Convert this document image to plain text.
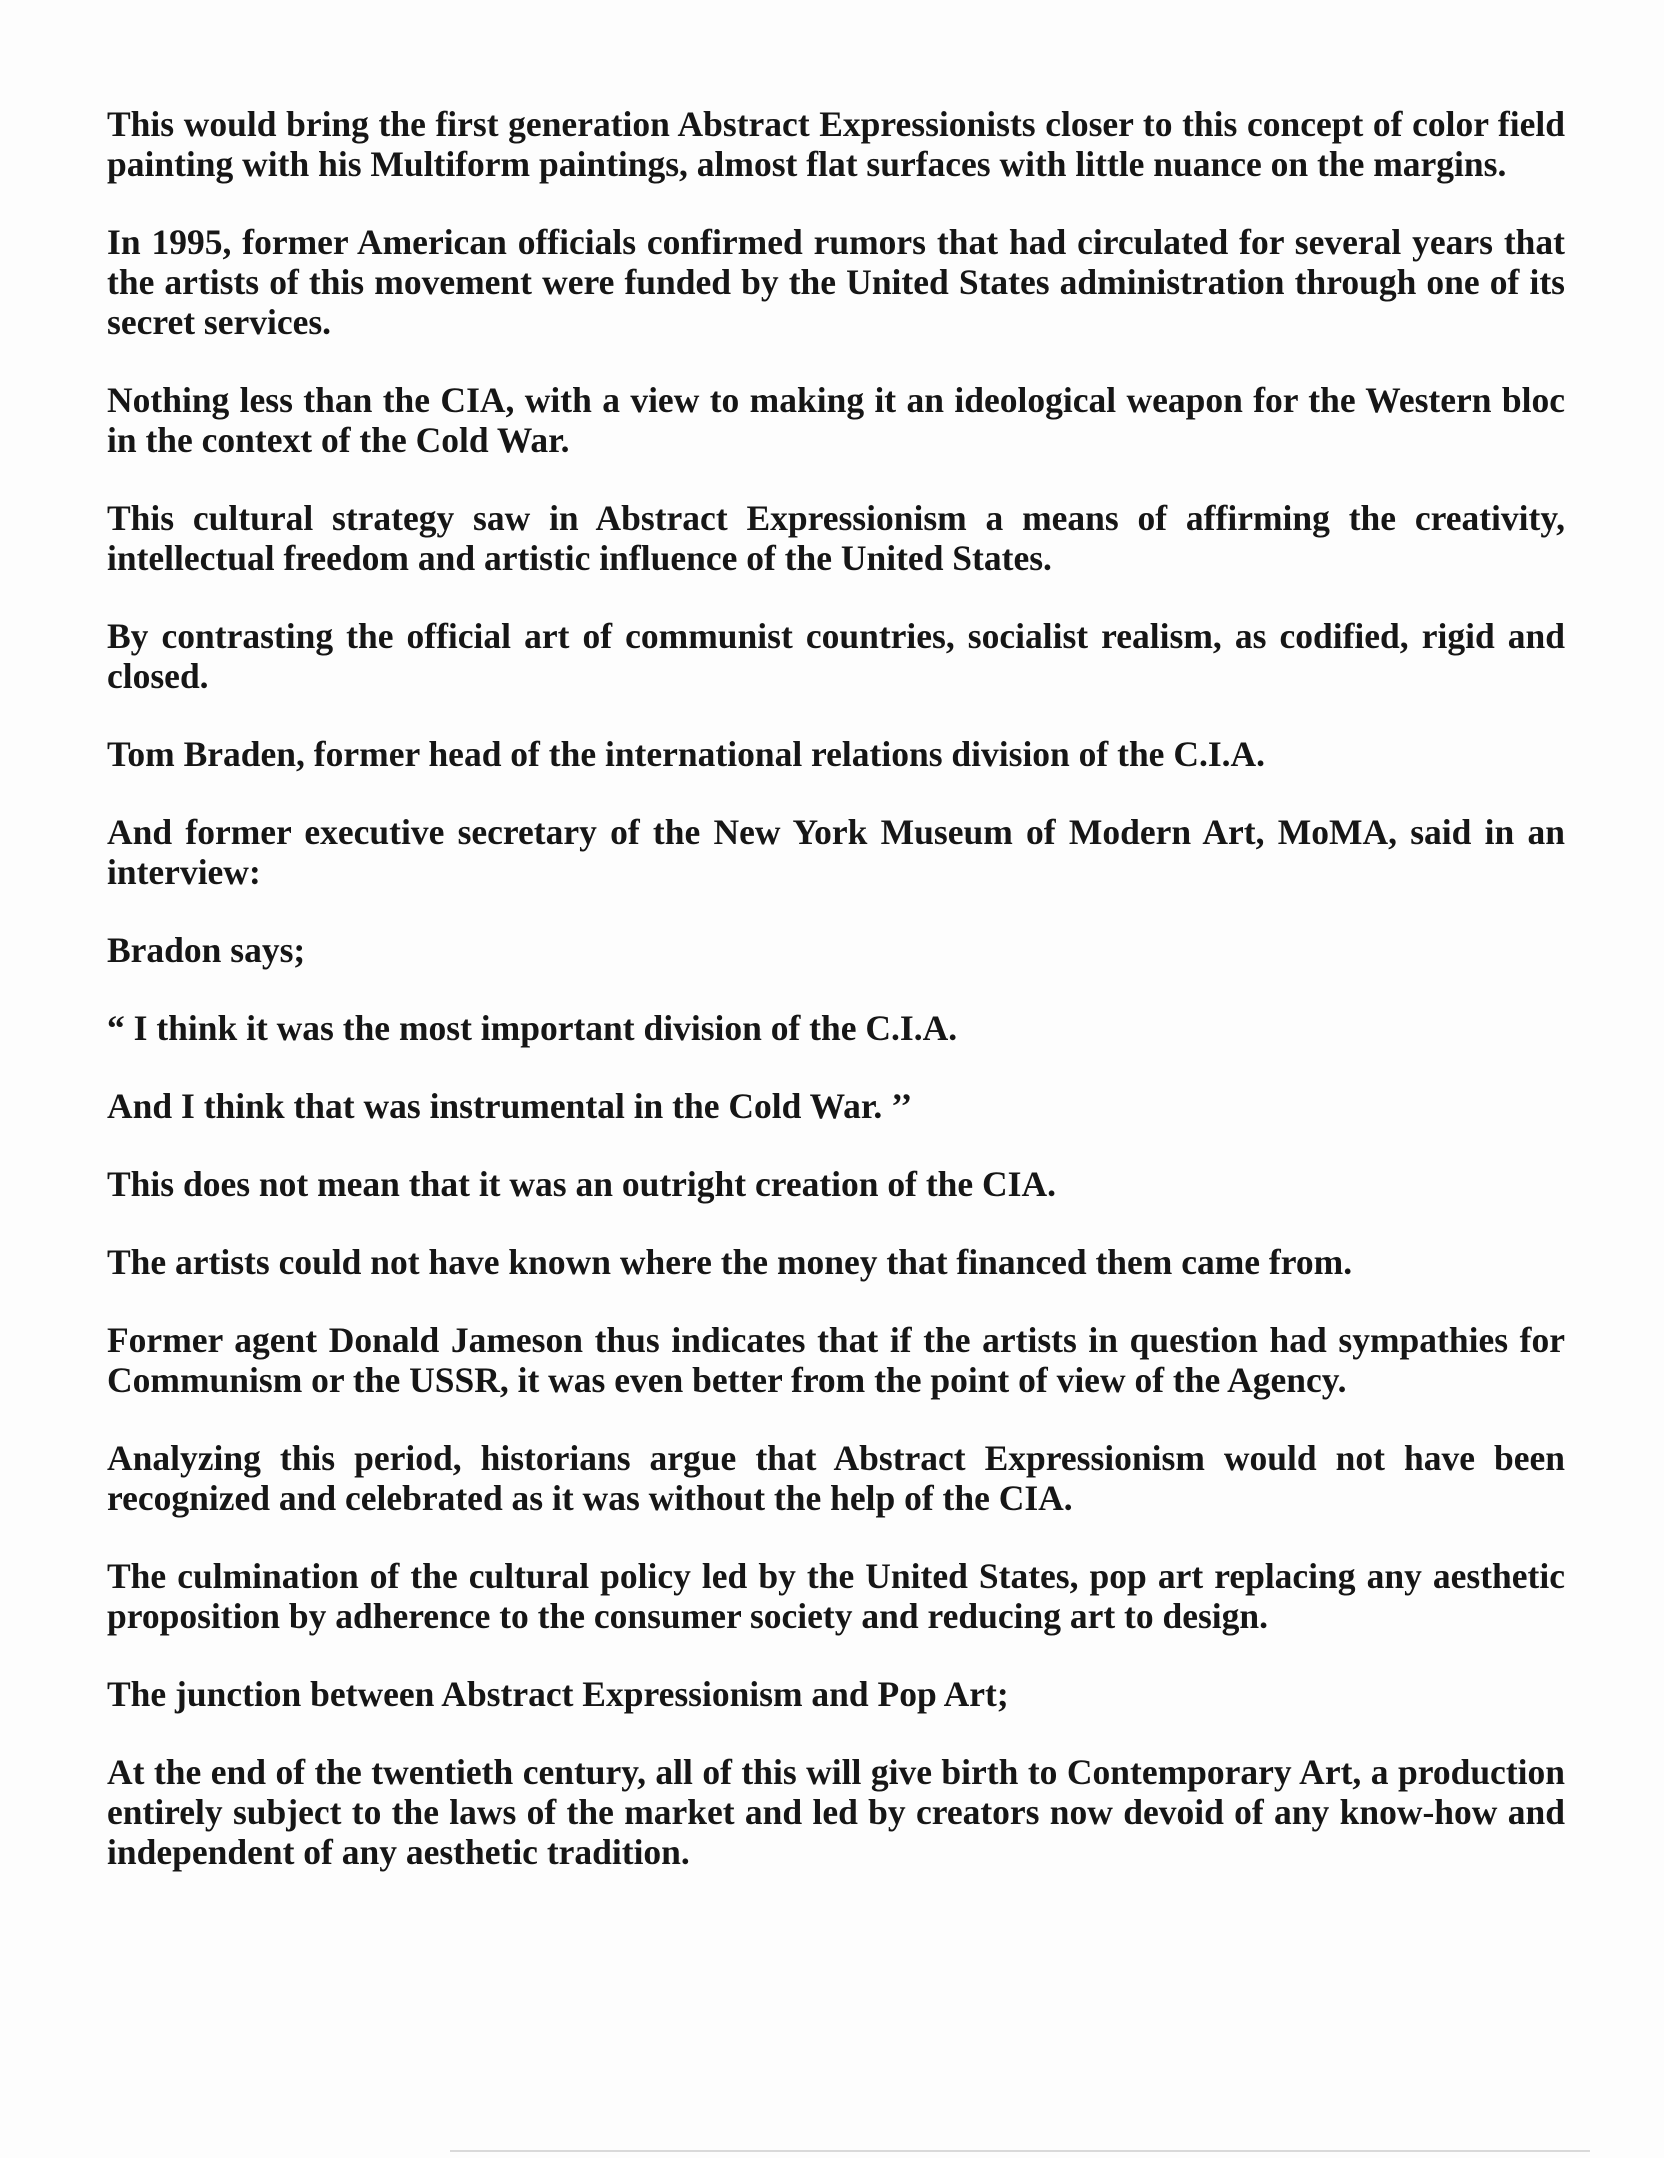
This would bring the first generation Abstract Expressionists closer to this concept of color field painting with his Multiform paintings, almost flat surfaces with little nuance on the margins.

In 1995, former American officials confirmed rumors that had circulated for several years that the artists of this movement were funded by the United States administration through one of its secret services.

Nothing less than the CIA, with a view to making it an ideological weapon for the Western bloc in the context of the Cold War.

This cultural strategy saw in Abstract Expressionism a means of affirming the creativity, intellectual freedom and artistic influence of the United States.

By contrasting the official art of communist countries, socialist realism, as codified, rigid and closed.

Tom Braden, former head of the international relations division of the C.I.A.

And former executive secretary of the New York Museum of Modern Art, MoMA, said in an interview:

Bradon says;

“ I think it was the most important division of the C.I.A.

And I think that was instrumental in the Cold War. ’’

This does not mean that it was an outright creation of the CIA.

The artists could not have known where the money that financed them came from.

Former agent Donald Jameson thus indicates that if the artists in question had sympathies for Communism or the USSR, it was even better from the point of view of the Agency.

Analyzing this period, historians argue that Abstract Expressionism would not have been recognized and celebrated as it was without the help of the CIA.

The culmination of the cultural policy led by the United States, pop art replacing any aesthetic proposition by adherence to the consumer society and reducing art to design.

The junction between Abstract Expressionism and Pop Art;

At the end of the twentieth century, all of this will give birth to Contemporary Art, a production entirely subject to the laws of the market and led by creators now devoid of any know-how and independent of any aesthetic tradition.
